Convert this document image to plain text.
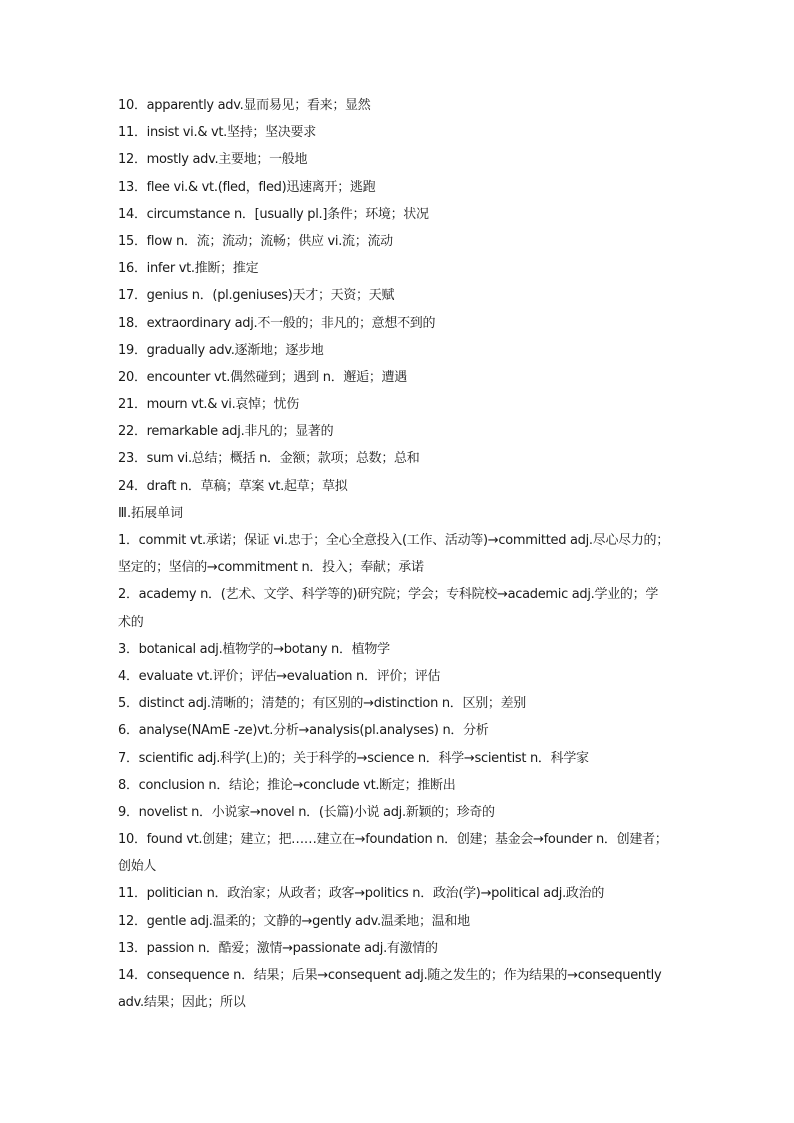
10．apparently adv.显而易见；看来；显然
11．insist vi.& vt.坚持；坚决要求
12．mostly adv.主要地；一般地
13．flee vi.& vt.(fled，fled)迅速离开；逃跑
14．circumstance n．[usually pl.]条件；环境；状况
15．flow n．流；流动；流畅；供应 vi.流；流动
16．infer vt.推断；推定
17．genius n．(pl.geniuses)天才；天资；天赋
18．extraordinary adj.不一般的；非凡的；意想不到的
19．gradually adv.逐渐地；逐步地
20．encounter vt.偶然碰到；遇到 n．邂逅；遭遇
21．mourn vt.& vi.哀悼；忧伤
22．remarkable adj.非凡的；显著的
23．sum vi.总结；概括 n．金额；款项；总数；总和
24．draft n．草稿；草案 vt.起草；草拟
Ⅲ.拓展单词
1．commit vt.承诺；保证 vi.忠于；全心全意投入(工作、活动等)→committed adj.尽心尽力的；
坚定的；坚信的→commitment n．投入；奉献；承诺
2．academy n．(艺术、文学、科学等的)研究院；学会；专科院校→academic adj.学业的；学
术的
3．botanical adj.植物学的→botany n．植物学
4．evaluate vt.评价；评估→evaluation n．评价；评估
5．distinct adj.清晰的；清楚的；有区别的→distinction n．区别；差别
6．analyse(NAmE -ze)vt.分析→analysis(pl.analyses) n．分析
7．scientific adj.科学(上)的；关于科学的→science n．科学→scientist n．科学家
8．conclusion n．结论；推论→conclude vt.断定；推断出
9．novelist n．小说家→novel n．(长篇)小说 adj.新颖的；珍奇的
10．found vt.创建；建立；把……建立在→foundation n．创建；基金会→founder n．创建者；
创始人
11．politician n．政治家；从政者；政客→politics n．政治(学)→political adj.政治的
12．gentle adj.温柔的；文静的→gently adv.温柔地；温和地
13．passion n．酷爱；激情→passionate adj.有激情的
14．consequence n．结果；后果→consequent adj.随之发生的；作为结果的→consequently
adv.结果；因此；所以
